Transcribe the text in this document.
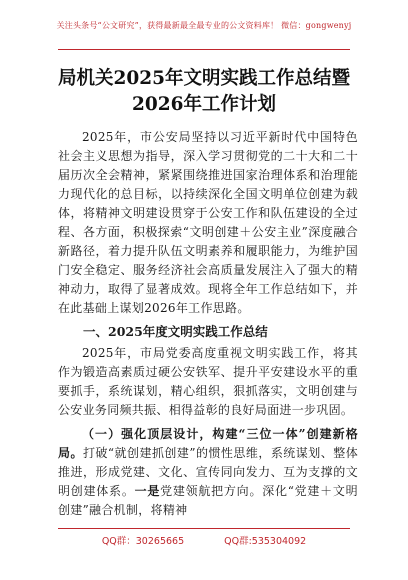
关注头条号“公文研究”，获得最新最全最专业的公文资料库！ 微信：gongwenyj
局机关2025年文明实践工作总结暨2026年工作计划

2025年，市公安局坚持以习近平新时代中国特色社会主义思想为指导，深入学习贯彻党的二十大和二十届历次全会精神，紧紧围绕推进国家治理体系和治理能力现代化的总目标，以持续深化全国文明单位创建为载体，将精神文明建设贯穿于公安工作和队伍建设的全过程、各方面，积极探索“文明创建＋公安主业”深度融合新路径，着力提升队伍文明素养和履职能力，为维护国门安全稳定、服务经济社会高质量发展注入了强大的精神动力，取得了显著成效。现将全年工作总结如下，并在此基础上谋划2026年工作思路。

一、2025年度文明实践工作总结

2025年，市局党委高度重视文明实践工作，将其作为锻造高素质过硬公安铁军、提升平安建设水平的重要抓手，系统谋划，精心组织，狠抓落实，文明创建与公安业务同频共振、相得益彰的良好局面进一步巩固。

（一）强化顶层设计，构建“三位一体”创建新格局。打破“就创建抓创建”的惯性思维，系统谋划、整体推进，形成党建、文化、宣传同向发力、互为支撑的文明创建体系。一是党建领航把方向。深化“党建＋文明创建”融合机制，将精神

QQ群：30265665	QQ群:535304092
